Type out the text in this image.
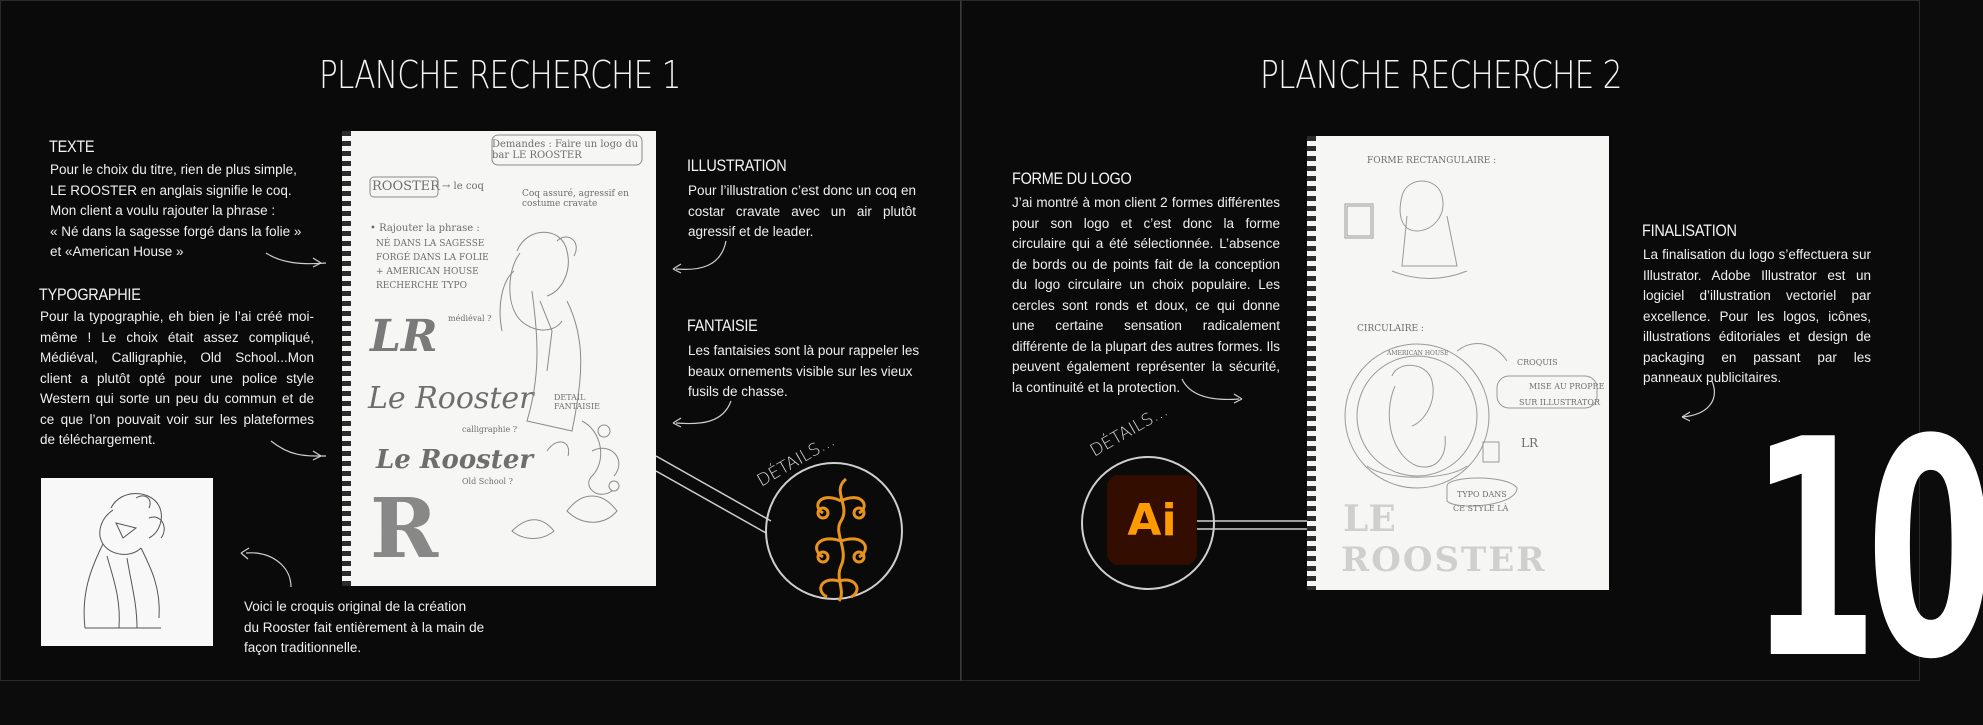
PLANCHE RECHERCHE 1
TEXTE

Pour le choix du titre, rien de plus simple,

LE ROOSTER en anglais signifie le coq.

Mon client a voulu rajouter la phrase :

« Né dans la sagesse forgé dans la folie »

et «American House »

TYPOGRAPHIE
Pour la typographie, eh bien je l’ai créé moi-même ! Le choix était assez compliqué, Médiéval, Calligraphie, Old School...Mon client a plutôt opté pour une police style Western qui sorte un peu du commun et de ce que l’on pouvait voir sur les plateformes de téléchargement.

Voici le croquis original de la création

du Rooster fait entièrement à la main de

façon traditionnelle.

Demandes : Faire un logo du bar LE ROOSTER
ROOSTER → le coq
• Rajouter la phrase :
NÉ DANS LA SAGESSE
FORGÉ DANS LA FOLIE
+ AMERICAN HOUSE
RECHERCHE TYPO
Coq assuré, agressif en costume cravate
médiéval ?
LR
Le Rooster
calligraphie ?
Le Rooster
Old School ?
R
DETAIL FANTAISIE
ILLUSTRATION
Pour l’illustration c’est donc un coq en costar cravate avec un air plutôt agressif et de leader.
FANTAISIE
Les fantaisies sont là pour rappeler les beaux ornements visible sur les vieux fusils de chasse.
DÉTAILS...
PLANCHE RECHERCHE 2
FORME DU LOGO
J’ai montré à mon client 2 formes différentes pour son logo et c’est donc la forme circulaire qui a été sélectionnée. L’absence de bords ou de points fait de la conception du logo circulaire un choix populaire. Les cercles sont ronds et doux, ce qui donne une certaine sensation radicalement différente de la plupart des autres formes. Ils peuvent également représenter la sécurité, la continuité et la protection.
FORME RECTANGULAIRE :
CIRCULAIRE :
CROQUIS
MISE AU PROPRE
SUR ILLUSTRATOR
LR
TYPO DANS
CE STYLE LÀ
LE
ROOSTER
AMERICAN HOUSE
FINALISATION
La finalisation du logo s’effectuera sur Illustrator. Adobe Illustrator est un logiciel d’illustration vectoriel par excellence. Pour les logos, icônes, illustrations éditoriales et design de packaging en passant par les panneaux publicitaires.
DÉTAILS... 10
Ai
